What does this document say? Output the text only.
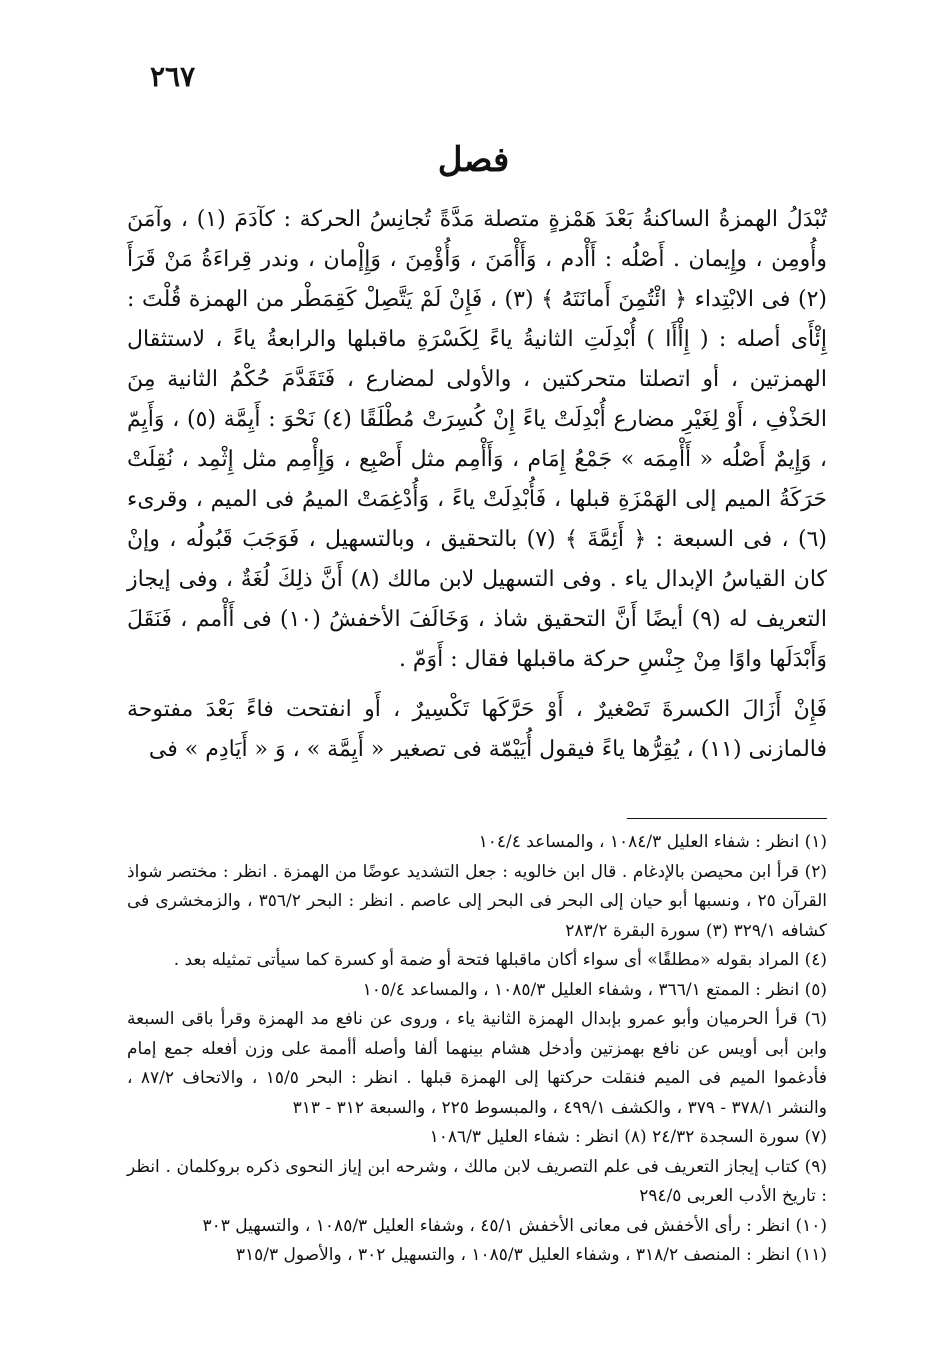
٢٦٧
فصل

تُبْدَلُ الهمزةُ الساكنةُ بَعْدَ هَمْزةٍ متصلة مَدَّةً تُجانِسُ الحركة : كآدَمَ (١) ، وآمَنَ وأُومِن ، وإِيمان . أَصْلُه : أَأْدم ، وَأَأْمَنَ ، وَأُؤْمِنَ ، وَإِإْمان ، وندر قِراءَةُ مَنْ قَرَأَ (٢) فى الابْتِداء ﴿ ائْتُمِنَ أَمانَتَهُ ﴾ (٣) ، فَإِنْ لَمْ يَتَّصِلْ كَقِمَطْر من الهمزة قُلْتَ : إِئْأَى أصله : ( إِأْأَا ) أُبْدِلَتِ الثانيةُ ياءً لِكَسْرَةِ ماقبلها والرابعةُ ياءً ، لاستثقال الهمزتين ، أو اتصلتا متحركتين ، والأولى لمضارع ، فَتَقَدَّمَ حُكْمُ الثانية مِنَ الحَذْفِ ، أَوْ لِغَيْرِ مضارع أُبْدِلَتْ ياءً إِنْ كُسِرَتْ مُطْلَقًا (٤) نَحْوَ : أَيِمَّة (٥) ، وَأَيِمّ ، وَإِيمٌ أَصْلُه « أَأْمِمَه » جَمْعُ إِمَام ، وَأَأْمِم مثل أَصْبِع ، وَإِأْمِم مثل إِثْمِد ، نُقِلَتْ حَرَكَةُ الميم إلى الهَمْزَةِ قبلها ، فَأُبْدِلَتْ ياءً ، وَأُدْغِمَتْ الميمُ فى الميم ، وقرىء (٦) ، فى السبعة : ﴿ أَئِمَّةَ ﴾ (٧) بالتحقيق ، وبالتسهيل ، فَوَجَبَ قَبُولُه ، وإنْ كان القياسُ الإبدال ياء . وفى التسهيل لابن مالك (٨) أَنَّ ذلِكَ لُغَةٌ ، وفى إيجاز التعريف له (٩) أيضًا أَنَّ التحقيق شاذ ، وَخَالَفَ الأخفشُ (١٠) فى أَأْمم ، فَنَقَلَ وَأَبْدَلَها واوًا مِنْ جِنْسِ حركة ماقبلها فقال : أَوَمّ .

فَإِنْ أَزَالَ الكسرةَ تَصْغيرٌ ، أَوْ حَرَّكَها تَكْسِيرٌ ، أَو انفتحت فاءً بَعْدَ مفتوحة فالمازنى (١١) ، يُقِرُّها ياءً فيقول أُيَيْمّة فى تصغير « أَيِمَّة » ، وَ « أَيَادِم » فى

(١) انظر : شفاء العليل ١٠٨٤/٣ ، والمساعد ١٠٤/٤

(٢) قرأ ابن محيصن بالإدغام . قال ابن خالويه : جعل التشديد عوضًا من الهمزة . انظر : مختصر شواذ القرآن ٢٥ ، ونسبها أبو حيان إلى البحر فى البحر إلى عاصم . انظر : البحر ٣٥٦/٢ ، والزمخشرى فى كشافه ٣٢٩/١ (٣) سورة البقرة ٢٨٣/٢

(٤) المراد بقوله «مطلقًا» أى سواء أكان ماقبلها فتحة أو ضمة أو كسرة كما سيأتى تمثيله بعد .

(٥) انظر : الممتع ٣٦٦/١ ، وشفاء العليل ١٠٨٥/٣ ، والمساعد ١٠٥/٤

(٦) قرأ الحرميان وأبو عمرو بإبدال الهمزة الثانية ياء ، وروى عن نافع مد الهمزة وقرأ باقى السبعة وابن أبى أويس عن نافع بهمزتين وأدخل هشام بينهما ألفا وأصله أأممة على وزن أفعله جمع إمام فأدغموا الميم فى الميم فنقلت حركتها إلى الهمزة قبلها . انظر : البحر ١٥/٥ ، والاتحاف ٨٧/٢ ، والنشر ٣٧٨/١ - ٣٧٩ ، والكشف ٤٩٩/١ ، والمبسوط ٢٢٥ ، والسبعة ٣١٢ - ٣١٣

(٧) سورة السجدة ٢٤/٣٢ (٨) انظر : شفاء العليل ١٠٨٦/٣

(٩) كتاب إيجاز التعريف فى علم التصريف لابن مالك ، وشرحه ابن إياز النحوى ذكره بروكلمان . انظر : تاريخ الأدب العربى ٢٩٤/٥

(١٠) انظر : رأى الأخفش فى معانى الأخفش ٤٥/١ ، وشفاء العليل ١٠٨٥/٣ ، والتسهيل ٣٠٣

(١١) انظر : المنصف ٣١٨/٢ ، وشفاء العليل ١٠٨٥/٣ ، والتسهيل ٣٠٢ ، والأصول ٣١٥/٣
